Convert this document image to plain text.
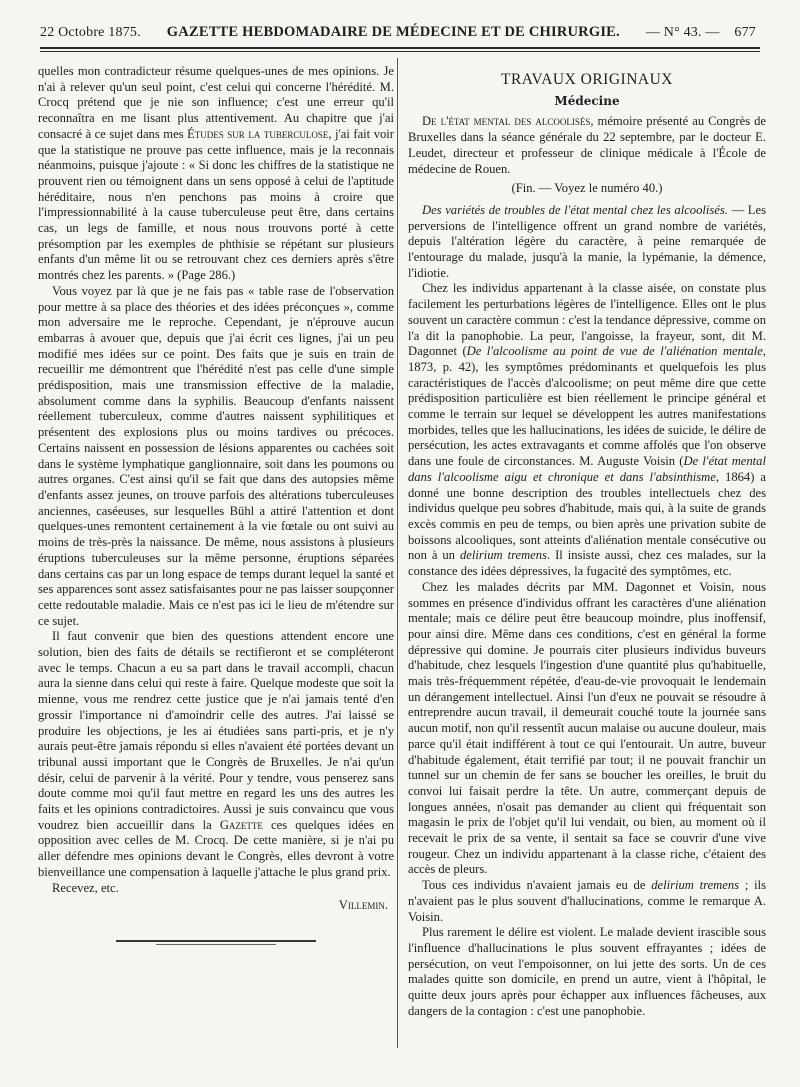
22 Octobre 1875. GAZETTE HEBDOMADAIRE DE MÉDECINE ET DE CHIRURGIE. — N° 43. — 677

quelles mon contradicteur résume quelques-unes de mes opinions. Je n'ai à relever qu'un seul point, c'est celui qui concerne l'hérédité. M. Crocq prétend que je nie son influence; c'est une erreur qu'il reconnaîtra en me lisant plus attentivement. Au chapitre que j'ai consacré à ce sujet dans mes Études sur la tuberculose, j'ai fait voir que la statistique ne prouve pas cette influence, mais je la reconnais néanmoins, puisque j'ajoute : « Si donc les chiffres de la statistique ne prouvent rien ou témoignent dans un sens opposé à celui de l'aptitude héréditaire, nous n'en penchons pas moins à croire que l'impressionnabilité à la cause tuberculeuse peut être, dans certains cas, un legs de famille, et nous nous trouvons porté à cette présomption par les exemples de phthisie se répétant sur plusieurs enfants d'un même lit ou se retrouvant chez ces derniers après s'être montrés chez les parents. » (Page 286.)

Vous voyez par là que je ne fais pas « table rase de l'observation pour mettre à sa place des théories et des idées préconçues », comme mon adversaire me le reproche. Cependant, je n'éprouve aucun embarras à avouer que, depuis que j'ai écrit ces lignes, j'ai un peu modifié mes idées sur ce point. Des faits que je suis en train de recueillir me démontrent que l'hérédité n'est pas celle d'une simple prédisposition, mais une transmission effective de la maladie, absolument comme dans la syphilis. Beaucoup d'enfants naissent réellement tuberculeux, comme d'autres naissent syphilitiques et présentent des explosions plus ou moins tardives ou précoces. Certains naissent en possession de lésions apparentes ou cachées soit dans le système lymphatique ganglionnaire, soit dans les poumons ou autres organes. C'est ainsi qu'il se fait que dans des autopsies même d'enfants assez jeunes, on trouve parfois des altérations tuberculeuses anciennes, caséeuses, sur lesquelles Bühl a attiré l'attention et dont quelques-unes remontent certainement à la vie fœtale ou ont suivi au moins de très-près la naissance. De même, nous assistons à plusieurs éruptions tuberculeuses sur la même personne, éruptions séparées dans certains cas par un long espace de temps durant lequel la santé et ses apparences sont assez satisfaisantes pour ne pas laisser soupçonner cette redoutable maladie. Mais ce n'est pas ici le lieu de m'étendre sur ce sujet.

Il faut convenir que bien des questions attendent encore une solution, bien des faits de détails se rectifieront et se compléteront avec le temps. Chacun a eu sa part dans le travail accompli, chacun aura la sienne dans celui qui reste à faire. Quelque modeste que soit la mienne, vous me rendrez cette justice que je n'ai jamais tenté d'en grossir l'importance ni d'amoindrir celle des autres. J'ai laissé se produire les objections, je les ai étudiées sans parti-pris, et je n'y aurais peut-être jamais répondu si elles n'avaient été portées devant un tribunal aussi important que le Congrès de Bruxelles. Je n'ai qu'un désir, celui de parvenir à la vérité. Pour y tendre, vous penserez sans doute comme moi qu'il faut mettre en regard les uns des autres les faits et les opinions contradictoires. Aussi je suis convaincu que vous voudrez bien accueillir dans la Gazette ces quelques idées en opposition avec celles de M. Crocq. De cette manière, si je n'ai pu aller défendre mes opinions devant le Congrès, elles devront à votre bienveillance une compensation à laquelle j'attache le plus grand prix.

Recevez, etc.

Villemin.
TRAVAUX ORIGINAUX
Médecine

De l'état mental des alcoolisés, mémoire présenté au Congrès de Bruxelles dans la séance générale du 22 septembre, par le docteur E. Leudet, directeur et professeur de clinique médicale à l'École de médecine de Rouen.

(Fin. — Voyez le numéro 40.)

Des variétés de troubles de l'état mental chez les alcoolisés. — Les perversions de l'intelligence offrent un grand nombre de variétés, depuis l'altération légère du caractère, à peine remarquée de l'entourage du malade, jusqu'à la manie, la lypémanie, la démence, l'idiotie.

Chez les individus appartenant à la classe aisée, on constate plus facilement les perturbations légères de l'intelligence. Elles ont le plus souvent un caractère commun : c'est la tendance dépressive, comme on l'a dit la panophobie. La peur, l'angoisse, la frayeur, sont, dit M. Dagonnet (De l'alcoolisme au point de vue de l'aliénation mentale, 1873, p. 42), les symptômes prédominants et quelquefois les plus caractéristiques de l'accès d'alcoolisme; on peut même dire que cette prédisposition particulière est bien réellement le principe général et comme le terrain sur lequel se développent les autres manifestations morbides, telles que les hallucinations, les idées de suicide, le délire de persécution, les actes extravagants et comme affolés que l'on observe dans une foule de circonstances. M. Auguste Voisin (De l'état mental dans l'alcoolisme aigu et chronique et dans l'absinthisme, 1864) a donné une bonne description des troubles intellectuels chez des individus quelque peu sobres d'habitude, mais qui, à la suite de grands excès commis en peu de temps, ou bien après une privation subite de boissons alcooliques, sont atteints d'aliénation mentale consécutive ou non à un delirium tremens. Il insiste aussi, chez ces malades, sur la constance des idées dépressives, la fugacité des symptômes, etc.

Chez les malades décrits par MM. Dagonnet et Voisin, nous sommes en présence d'individus offrant les caractères d'une aliénation mentale; mais ce délire peut être beaucoup moindre, plus inoffensif, pour ainsi dire. Même dans ces conditions, c'est en général la forme dépressive qui domine. Je pourrais citer plusieurs individus buveurs d'habitude, chez lesquels l'ingestion d'une quantité plus qu'habituelle, mais très-fréquemment répétée, d'eau-de-vie provoquait le lendemain un dérangement intellectuel. Ainsi l'un d'eux ne pouvait se résoudre à entreprendre aucun travail, il demeurait couché toute la journée sans aucun motif, non qu'il ressentît aucun malaise ou aucune douleur, mais parce qu'il était indifférent à tout ce qui l'entourait. Un autre, buveur d'habitude également, était terrifié par tout; il ne pouvait franchir un tunnel sur un chemin de fer sans se boucher les oreilles, le bruit du convoi lui faisait perdre la tête. Un autre, commerçant depuis de longues années, n'osait pas demander au client qui fréquentait son magasin le prix de l'objet qu'il lui vendait, ou bien, au moment où il recevait le prix de sa vente, il sentait sa face se couvrir d'une vive rougeur. Chez un individu appartenant à la classe riche, c'étaient des accès de pleurs.

Tous ces individus n'avaient jamais eu de delirium tremens ; ils n'avaient pas le plus souvent d'hallucinations, comme le remarque A. Voisin.

Plus rarement le délire est violent. Le malade devient irascible sous l'influence d'hallucinations le plus souvent effrayantes ; idées de persécution, on veut l'empoisonner, on lui jette des sorts. Un de ces malades quitte son domicile, en prend un autre, vient à l'hôpital, le quitte deux jours après pour échapper aux influences fâcheuses, aux dangers de la contagion : c'est une panophobie.
